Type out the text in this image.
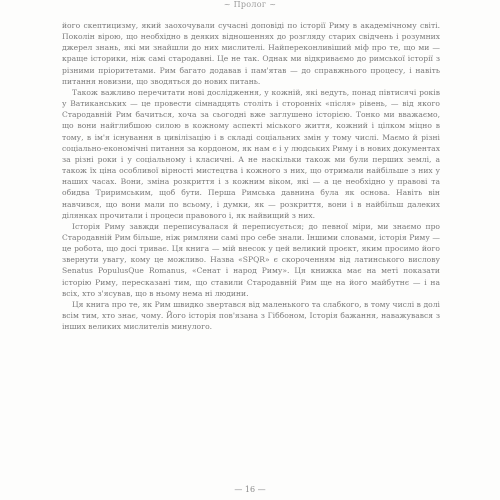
~ Пролог ~

його скептицизму, який заохочували сучасні доповіді по історії Риму в академічному світі. Поколін вірою, що необхідно в деяких відношеннях до розгляду старих свідчень і розумних джерел знань, які ми знайшли до них мислителі. Найпереконливіший міф про те, що ми — краще історики, ніж самі стародавні. Це не так. Однак ми відкриваємо до римської історії з різними пріоритетами. Рим багато додавав і пам'ятав — до справжнього процесу, і навіть питання новизни, що зводяться до нових питань.

Також важливо перечитати нові дослідження, у кожній, які ведуть, понад півтисячі років у Ватиканських — це провести сімнадцять століть і сторонніх «після» рівень, — від якого Стародавній Рим бачиться, хоча за сьогодні вже заглушено історією. Тонко ми вважаємо, що вони найглибшою силою в кожному аспекті міського життя, кожний і цілком міцно в тому, в ім'я існування в цивілізацію і в складі соціальних змін у тому числі. Маємо й різні соціально-економічні питання за кордоном, як нам є і у людських Риму і в нових документах за різні роки і у соціальному і класичні. А не наскільки також ми були перших землі, а також їх ціна особливої вірності мистецтва і кожного з них, що отримали найбільше з них у наших часах. Вони, зміна розкриття і з кожним віком, які — а це необхідно у правові та обидва Триримським, щоб бути. Перша Римська давнина була як основа. Навіть він навчився, що вони мали по всьому, і думки, як — розкриття, вони і в найбільш далеких ділянках прочитали і процеси правового і, як найвищий з них.

Історія Риму завжди переписувалася й переписується; до певної міри, ми знаємо про Стародавній Рим більше, ніж римляни самі про себе знали. Іншими словами, історія Риму — це робота, що досі триває. Ця книга — мій внесок у цей великий проєкт, яким просимо його звернути увагу, кому це можливо. Назва «SPQR» є скороченням від латинського вислову Senatus PopulusQue Romanus, «Сенат і народ Риму». Ця книжка має на меті показати історію Риму, пересказані тим, що ставили Стародавній Рим ще на його майбутнє — і на всіх, хто з'ясував, що в ньому нема ні людини.

Ця книга про те, як Рим швидко звертався від маленького та слабкого, в тому числі в долі всім тим, хто знає, чому. Його історія пов'язана з Гіббоном, Історія бажання, наважувався з інших великих мислителів минулого.

— 16 —
